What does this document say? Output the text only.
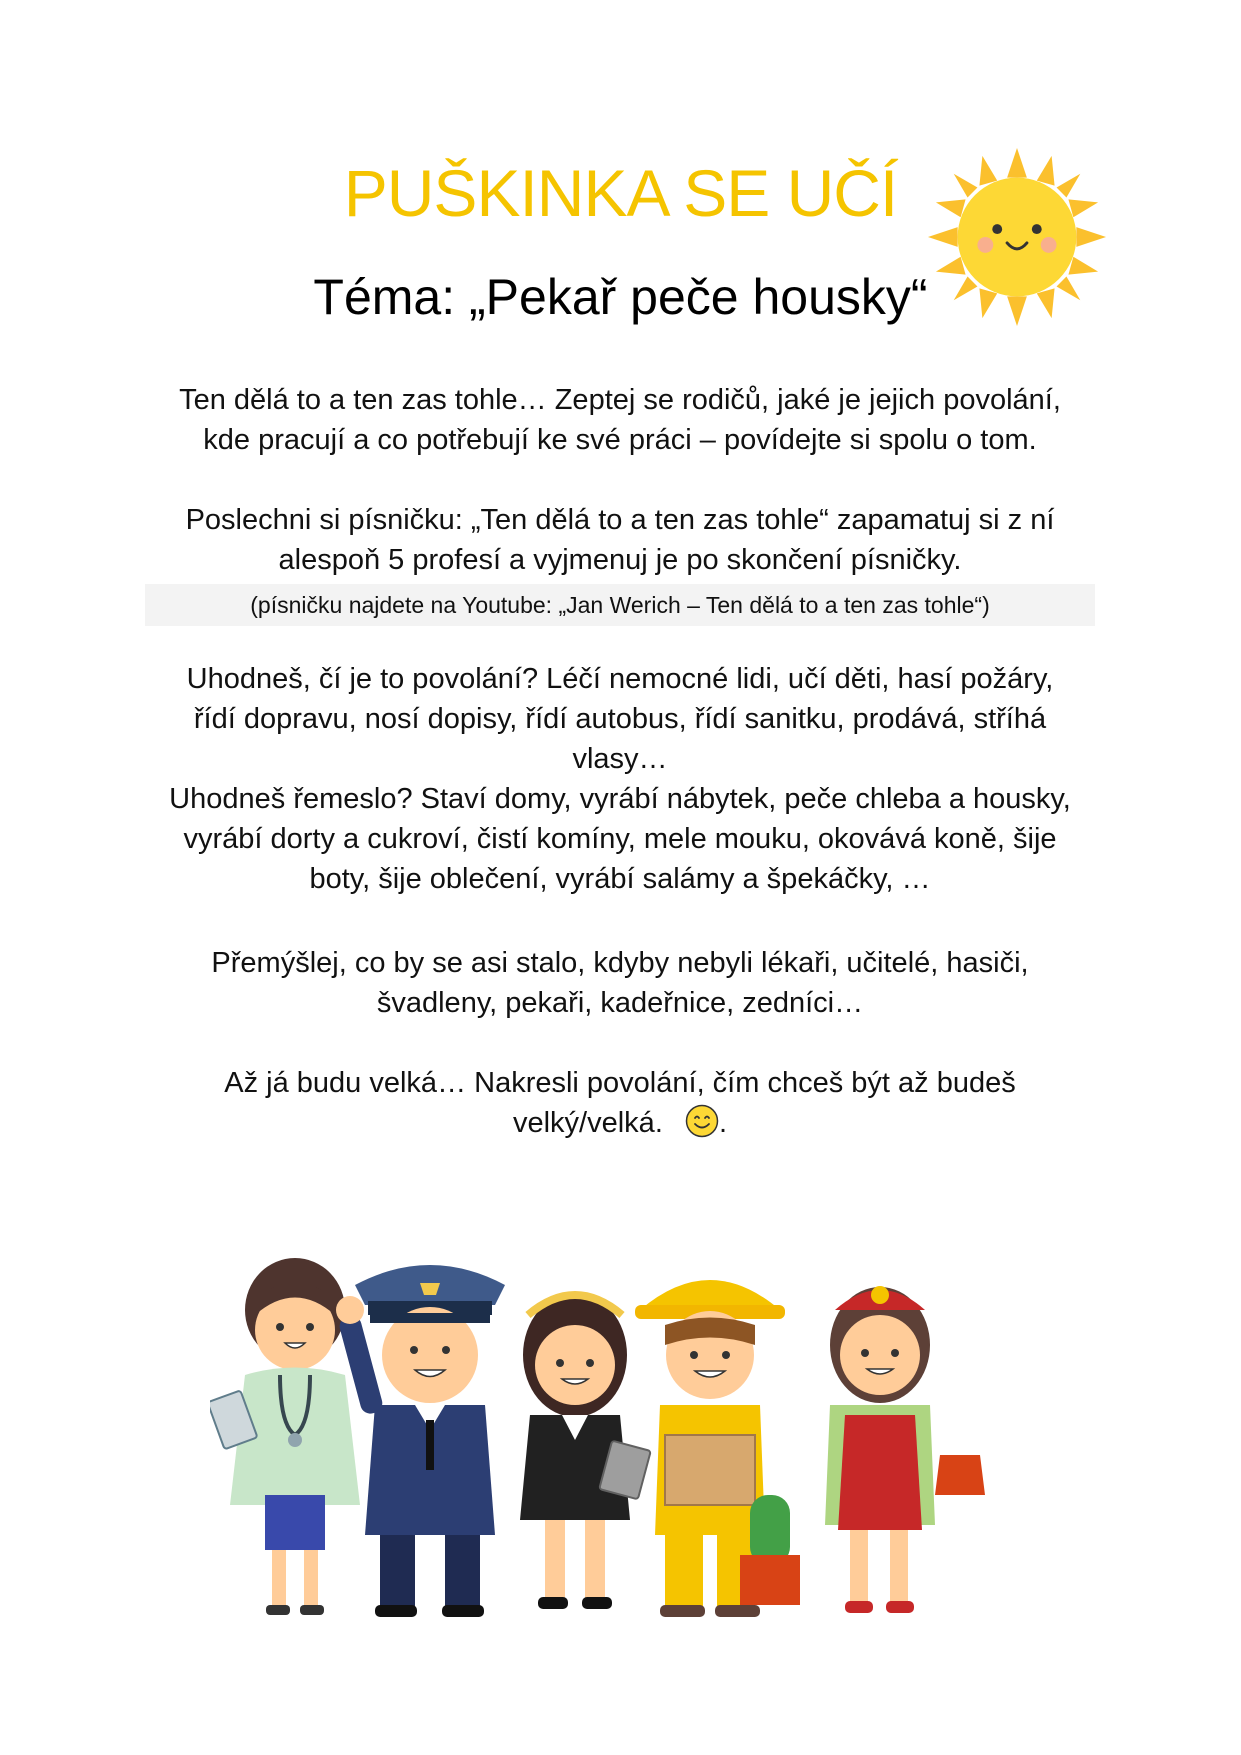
PUŠKINKA SE UČÍ
Téma: „Pekař peče housky“

Ten dělá to a ten zas tohle… Zeptej se rodičů, jaké je jejich povolání,

kde pracují a co potřebují ke své práci – povídejte si spolu o tom.

Poslechni si písničku: „Ten dělá to a ten zas tohle“ zapamatuj si z ní

alespoň 5 profesí a vyjmenuj je po skončení písničky.

(písničku najdete na Youtube: „Jan Werich – Ten dělá to a ten zas tohle“)

Uhodneš, čí je to povolání? Léčí nemocné lidi, učí děti, hasí požáry,

řídí dopravu, nosí dopisy, řídí autobus, řídí sanitku, prodává, stříhá

vlasy…

Uhodneš řemeslo? Staví domy, vyrábí nábytek, peče chleba a housky,

vyrábí dorty a cukroví, čistí komíny, mele mouku, okovává koně, šije

boty, šije oblečení, vyrábí salámy a špekáčky, …

Přemýšlej, co by se asi stalo, kdyby nebyli lékaři, učitelé, hasiči,

švadleny, pekaři, kadeřnice, zedníci…

Až já budu velká… Nakresli povolání, čím chceš být až budeš

velký/velká. .
